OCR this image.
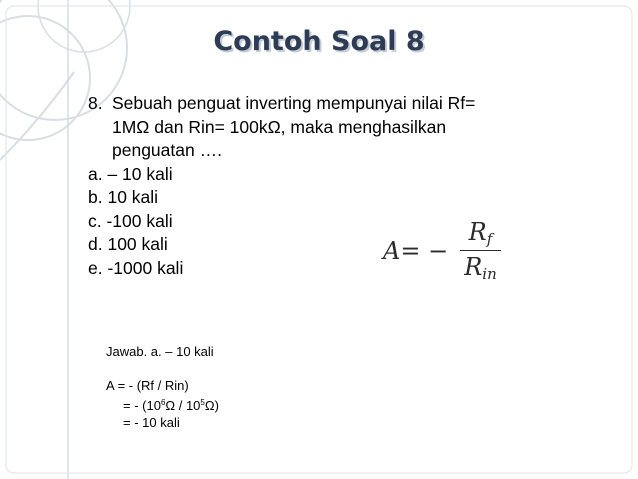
Contoh Soal 8
8. Sebuah penguat inverting mempunyai nilai Rf=
1MΩ dan Rin= 100kΩ, maka menghasilkan
penguatan ….
a. – 10 kali
b. 10 kali
c. -100 kali
d. 100 kali
e. -1000 kali
A = − $\frac{R_f}{R_{in}}$
Jawab. a. – 10 kali
A = - (Rf / Rin)
= - $(10^6\Omega / 10^5\Omega)$
= - 10 kali
